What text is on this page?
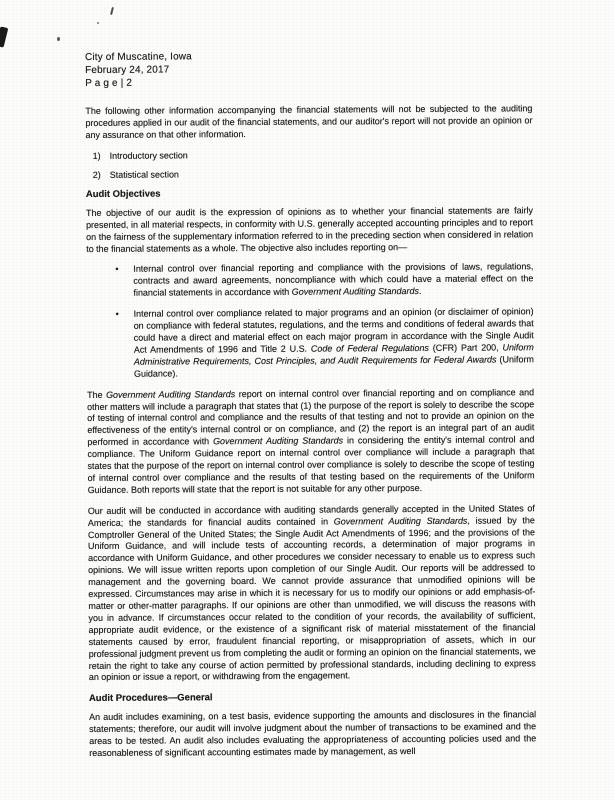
City of Muscatine, Iowa
February 24, 2017
P a g e | 2
The following other information accompanying the financial statements will not be subjected to the auditing procedures applied in our audit of the financial statements, and our auditor's report will not provide an opinion or any assurance on that other information.
1) Introductory section
2) Statistical section
Audit Objectives
The objective of our audit is the expression of opinions as to whether your financial statements are fairly presented, in all material respects, in conformity with U.S. generally accepted accounting principles and to report on the fairness of the supplementary information referred to in the preceding section when considered in relation to the financial statements as a whole. The objective also includes reporting on—
•	Internal control over financial reporting and compliance with the provisions of laws, regulations, contracts and award agreements, noncompliance with which could have a material effect on the financial statements in accordance with Government Auditing Standards.
•	Internal control over compliance related to major programs and an opinion (or disclaimer of opinion) on compliance with federal statutes, regulations, and the terms and conditions of federal awards that could have a direct and material effect on each major program in accordance with the Single Audit Act Amendments of 1996 and Title 2 U.S. Code of Federal Regulations (CFR) Part 200, Uniform Administrative Requirements, Cost Principles, and Audit Requirements for Federal Awards (Uniform Guidance).
The Government Auditing Standards report on internal control over financial reporting and on compliance and other matters will include a paragraph that states that (1) the purpose of the report is solely to describe the scope of testing of internal control and compliance and the results of that testing and not to provide an opinion on the effectiveness of the entity's internal control or on compliance, and (2) the report is an integral part of an audit performed in accordance with Government Auditing Standards in considering the entity's internal control and compliance. The Uniform Guidance report on internal control over compliance will include a paragraph that states that the purpose of the report on internal control over compliance is solely to describe the scope of testing of internal control over compliance and the results of that testing based on the requirements of the Uniform Guidance. Both reports will state that the report is not suitable for any other purpose.
Our audit will be conducted in accordance with auditing standards generally accepted in the United States of America; the standards for financial audits contained in Government Auditing Standards, issued by the Comptroller General of the United States; the Single Audit Act Amendments of 1996; and the provisions of the Uniform Guidance, and will include tests of accounting records, a determination of major programs in accordance with Uniform Guidance, and other procedures we consider necessary to enable us to express such opinions. We will issue written reports upon completion of our Single Audit. Our reports will be addressed to management and the governing board. We cannot provide assurance that unmodified opinions will be expressed. Circumstances may arise in which it is necessary for us to modify our opinions or add emphasis-of-matter or other-matter paragraphs. If our opinions are other than unmodified, we will discuss the reasons with you in advance. If circumstances occur related to the condition of your records, the availability of sufficient, appropriate audit evidence, or the existence of a significant risk of material misstatement of the financial statements caused by error, fraudulent financial reporting, or misappropriation of assets, which in our professional judgment prevent us from completing the audit or forming an opinion on the financial statements, we retain the right to take any course of action permitted by professional standards, including declining to express an opinion or issue a report, or withdrawing from the engagement.
Audit Procedures—General
An audit includes examining, on a test basis, evidence supporting the amounts and disclosures in the financial statements; therefore, our audit will involve judgment about the number of transactions to be examined and the areas to be tested. An audit also includes evaluating the appropriateness of accounting policies used and the reasonableness of significant accounting estimates made by management, as well
